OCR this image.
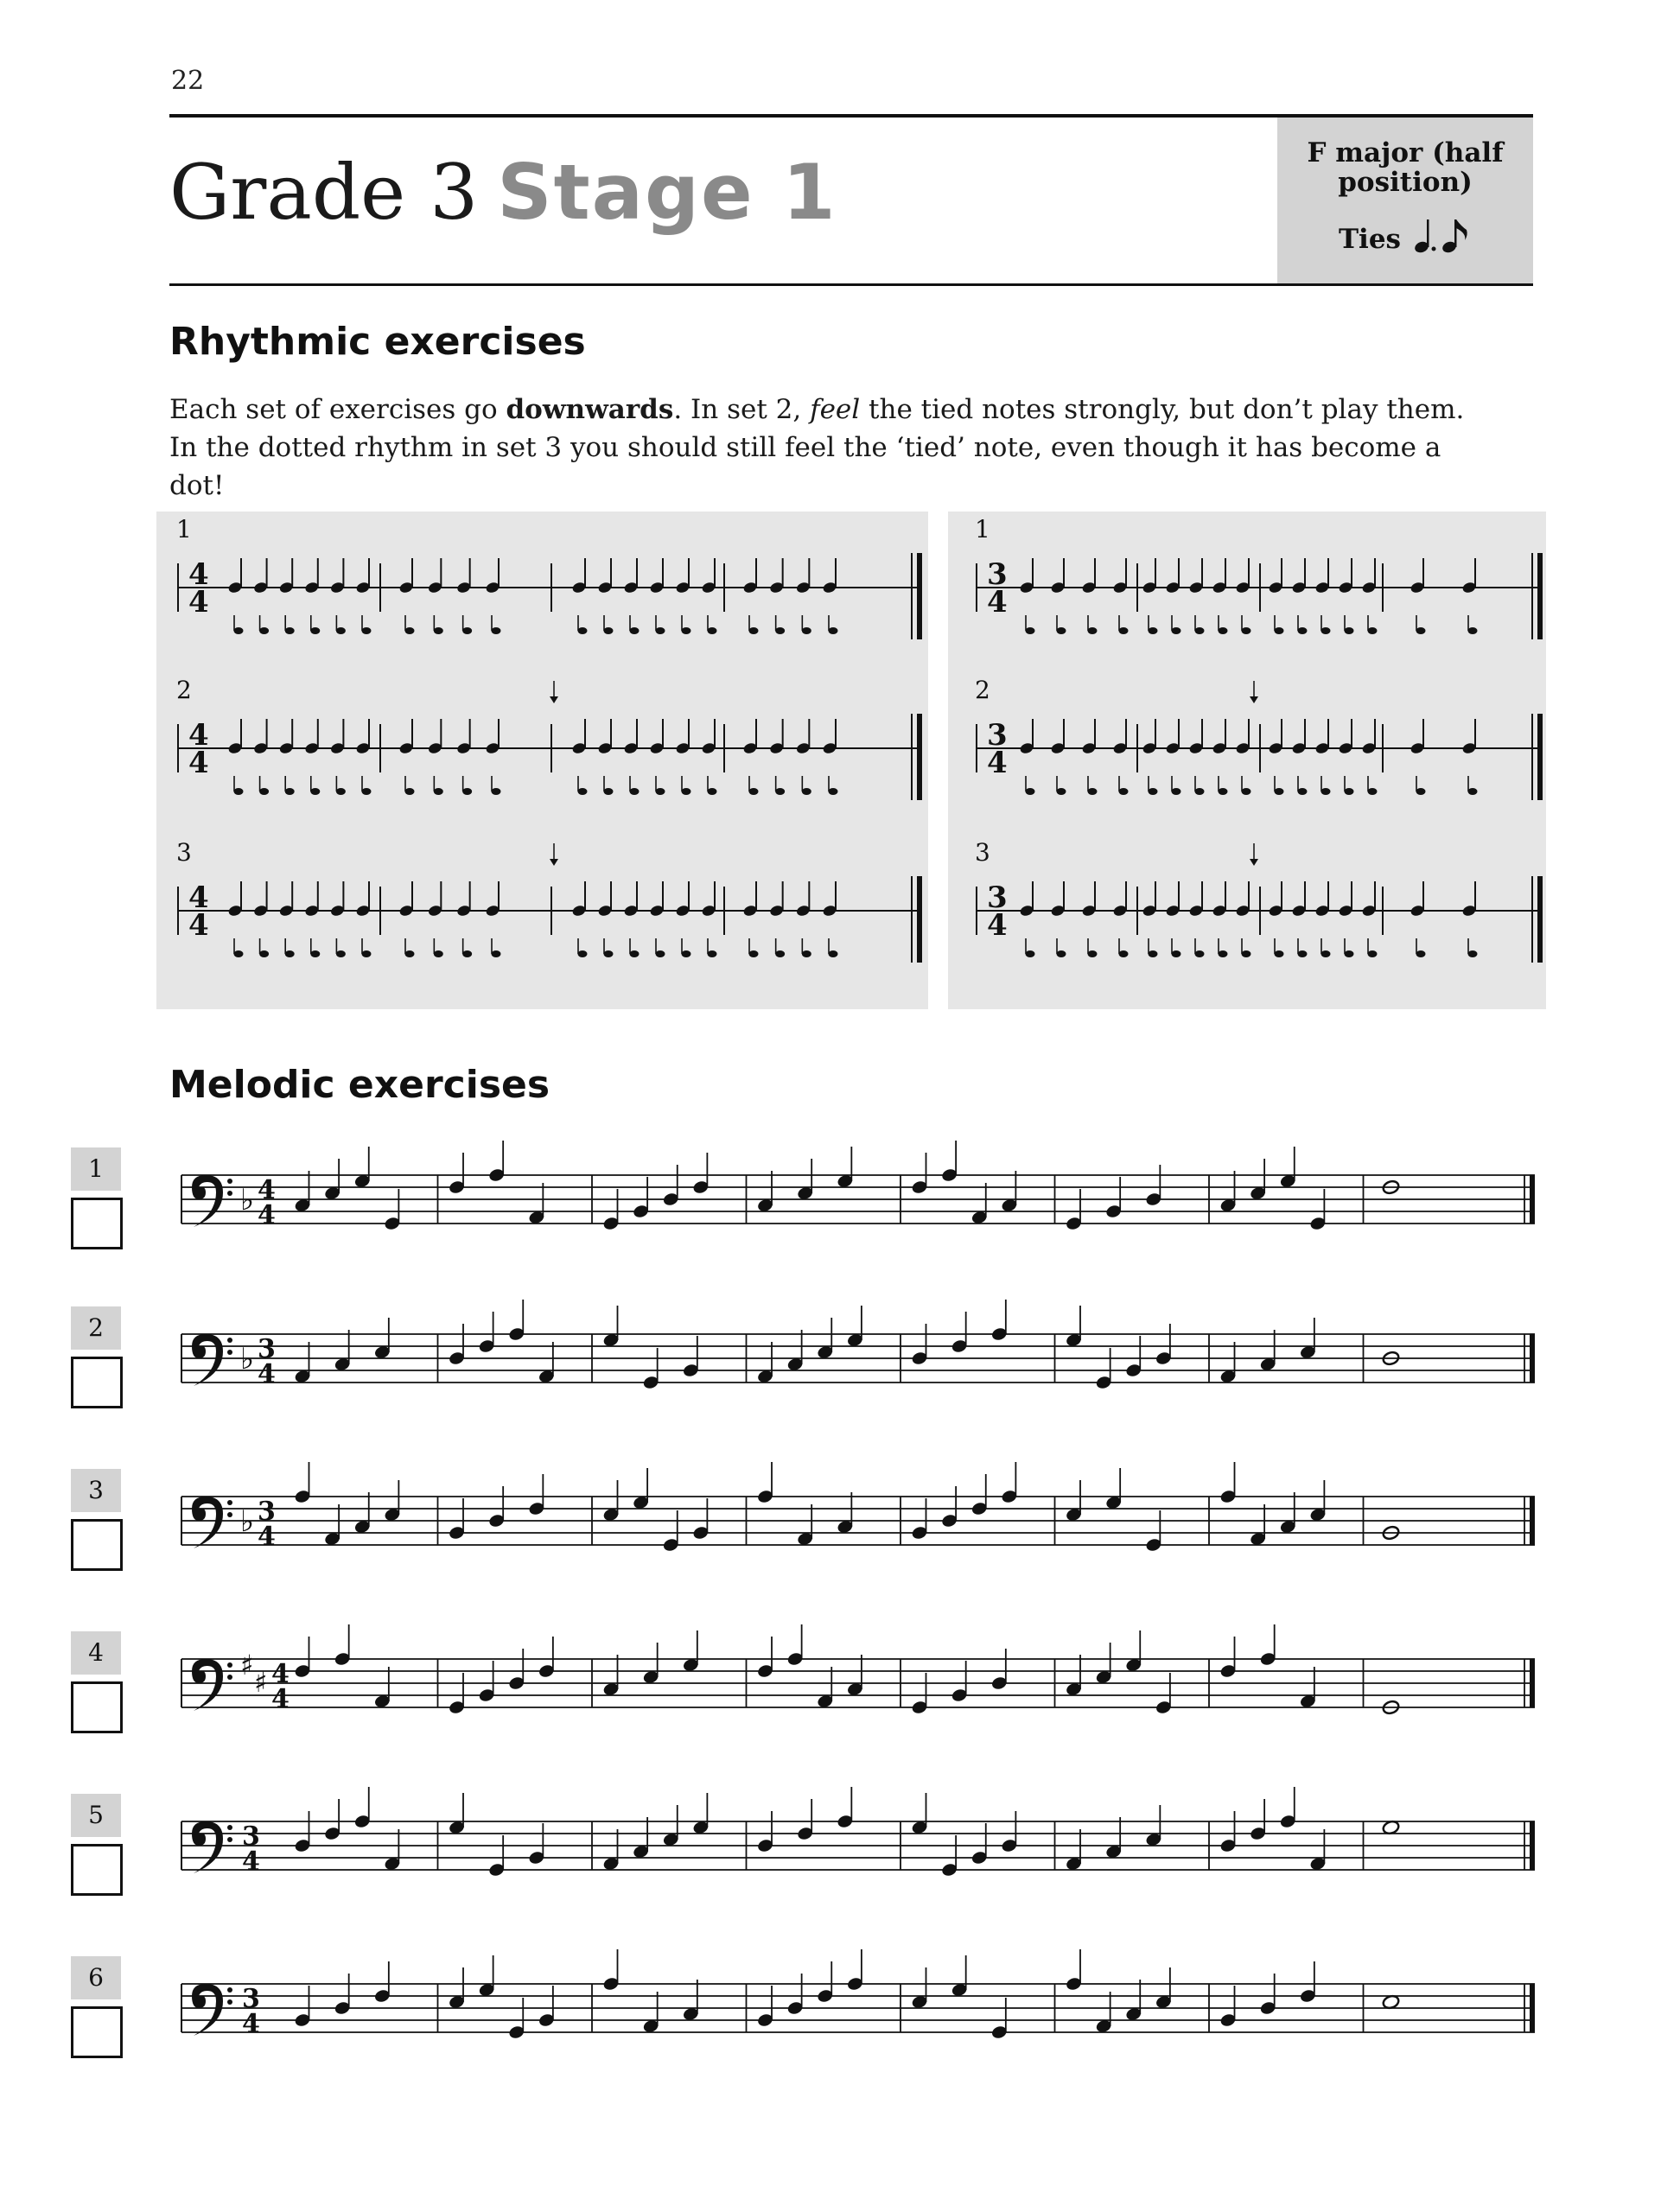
22
Grade 3 Stage 1	F major (half
position)
Ties
Rhythmic exercises
Each set of exercises go downwards. In set 2, feel the tied notes strongly, but don’t play them. In the dotted rhythm in set 3 you should still feel the ‘tied’ note, even though it has become a dot!
Melodic exercises
1
2
3
4
5
6
1
4
4
2
4
4
3
4
4
1
3
4
2
3
4
3
3
4
♭ 4
4
♭ 3
4
♭ 3
4
♯
♯ 4
4
3
4
3
4
